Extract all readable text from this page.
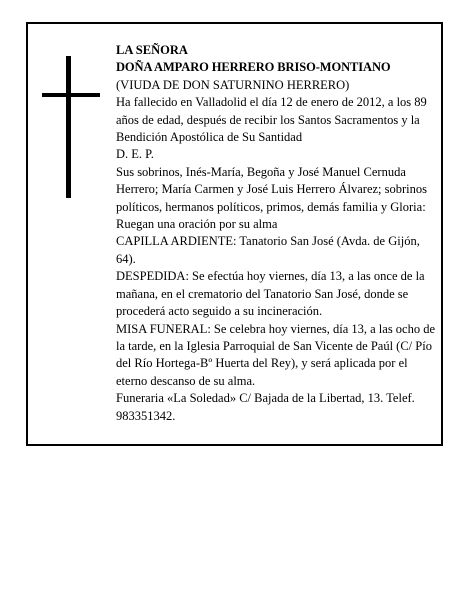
LA SEÑORA
DOÑA AMPARO HERRERO BRISO-MONTIANO
(VIUDA DE DON SATURNINO HERRERO)
Ha fallecido en Valladolid el día 12 de enero de 2012, a los 89 años de edad, después de recibir los Santos Sacramentos y la Bendición Apostólica de Su Santidad
D. E. P.
Sus sobrinos, Inés-María, Begoña y José Manuel Cernuda Herrero; María Carmen y José Luis Herrero Álvarez; sobrinos políticos, hermanos políticos, primos, demás familia y Gloria:
Ruegan una oración por su alma
CAPILLA ARDIENTE: Tanatorio San José (Avda. de Gijón, 64).
DESPEDIDA: Se efectúa hoy viernes, día 13, a las once de la mañana, en el crematorio del Tanatorio San José, donde se procederá acto seguido a su incineración.
MISA FUNERAL: Se celebra hoy viernes, día 13, a las ocho de la tarde, en la Iglesia Parroquial de San Vicente de Paúl (C/ Pío del Río Hortega-Bº Huerta del Rey), y será aplicada por el eterno descanso de su alma.
Funeraria «La Soledad» C/ Bajada de la Libertad, 13. Telef. 983351342.
